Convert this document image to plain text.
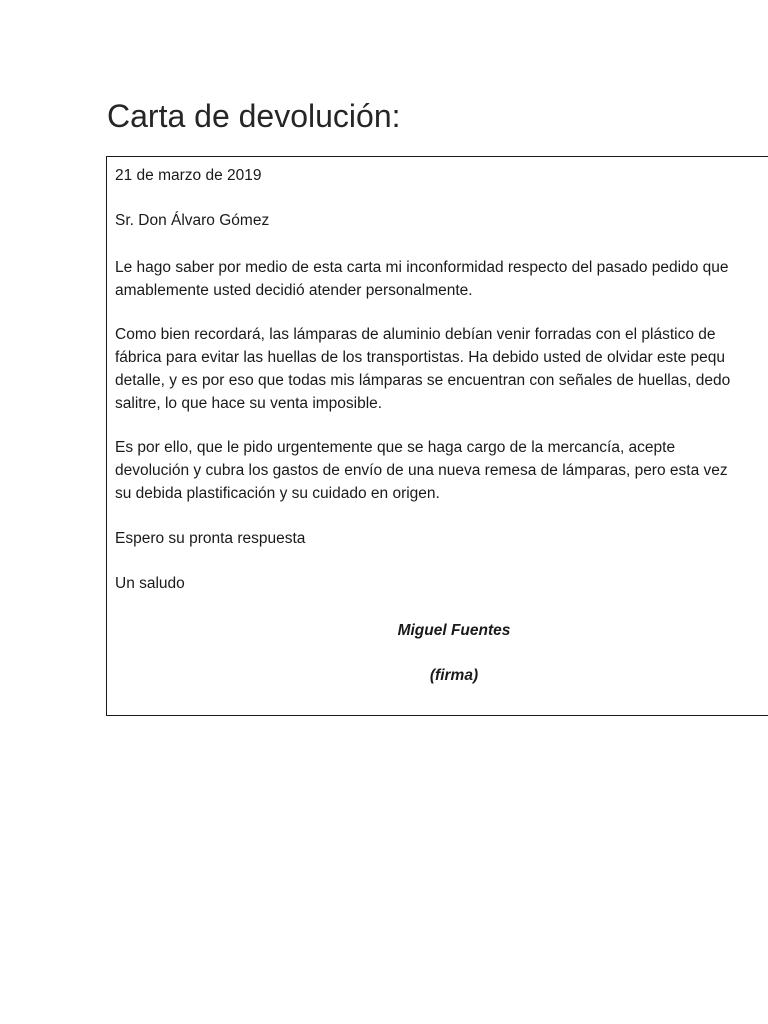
Carta de devolución:
21 de marzo de 2019
Sr. Don Álvaro Gómez
Le hago saber por medio de esta carta mi inconformidad respecto del pasado pedido que
amablemente usted decidió atender personalmente.
Como bien recordará, las lámparas de aluminio debían venir forradas con el plástico de
fábrica para evitar las huellas de los transportistas. Ha debido usted de olvidar este pequ
detalle, y es por eso que todas mis lámparas se encuentran con señales de huellas, dedo
salitre, lo que hace su venta imposible.
Es por ello, que le pido urgentemente que se haga cargo de la mercancía, acepte
devolución y cubra los gastos de envío de una nueva remesa de lámparas, pero esta vez
su debida plastificación y su cuidado en origen.
Espero su pronta respuesta
Un saludo
Miguel Fuentes
(firma)
